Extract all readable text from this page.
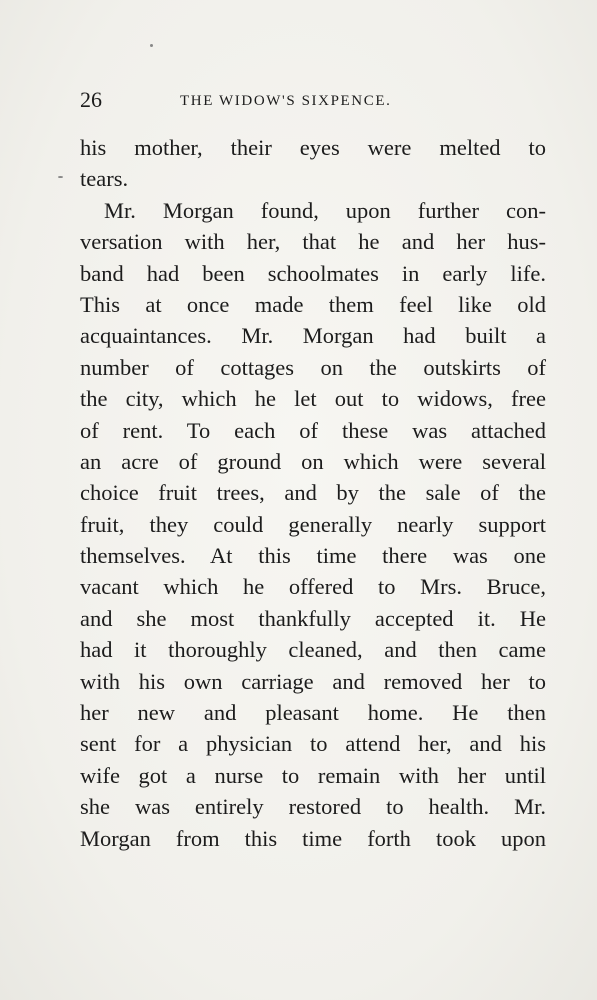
26	THE WIDOW'S SIXPENCE.
his mother, their eyes were melted to
tears.
Mr. Morgan found, upon further con-
versation with her, that he and her hus-
band had been schoolmates in early life.
This at once made them feel like old
acquaintances. Mr. Morgan had built a
number of cottages on the outskirts of
the city, which he let out to widows, free
of rent. To each of these was attached
an acre of ground on which were several
choice fruit trees, and by the sale of the
fruit, they could generally nearly support
themselves. At this time there was one
vacant which he offered to Mrs. Bruce,
and she most thankfully accepted it. He
had it thoroughly cleaned, and then came
with his own carriage and removed her to
her new and pleasant home. He then
sent for a physician to attend her, and his
wife got a nurse to remain with her until
she was entirely restored to health. Mr.
Morgan from this time forth took upon
